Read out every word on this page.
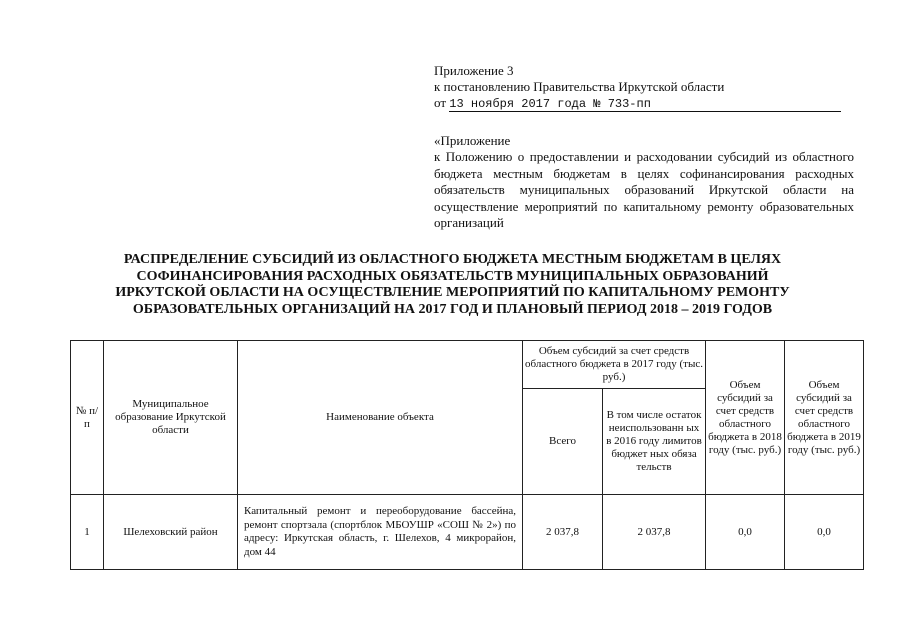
Приложение 3
к постановлению Правительства Иркутской области
от 13 ноября 2017 года № 733-пп
«Приложение
к Положению о предоставлении и расходовании субсидий из областного бюджета местным бюджетам в целях софинансирования расходных обязательств муниципальных образований Иркутской области на осуществление мероприятий по капитальному ремонту образовательных организаций
РАСПРЕДЕЛЕНИЕ СУБСИДИЙ ИЗ ОБЛАСТНОГО БЮДЖЕТА МЕСТНЫМ БЮДЖЕТАМ В ЦЕЛЯХ
СОФИНАНСИРОВАНИЯ РАСХОДНЫХ ОБЯЗАТЕЛЬСТВ МУНИЦИПАЛЬНЫХ ОБРАЗОВАНИЙ
ИРКУТСКОЙ ОБЛАСТИ НА ОСУЩЕСТВЛЕНИЕ МЕРОПРИЯТИЙ ПО КАПИТАЛЬНОМУ РЕМОНТУ
ОБРАЗОВАТЕЛЬНЫХ ОРГАНИЗАЦИЙ НА 2017 ГОД И ПЛАНОВЫЙ ПЕРИОД 2018 – 2019 ГОДОВ
№ п/п	Муниципальное образование Иркутской области	Наименование объекта	Объем субсидий за счет средств областного бюджета в 2017 году (тыс. руб.)		Объем субсидий за счет средств областного бюджета в 2018 году (тыс. руб.)	Объем субсидий за счет средств областного бюджета в 2019 году (тыс. руб.)
			Всего	В том числе остаток неиспользованн ых в 2016 году лимитов бюджет ных обяза тельств		
1	Шелеховский район	Капитальный ремонт и переоборудование бассейна, ремонт спортзала (спортблок МБОУШР «СОШ № 2») по адресу: Иркутская область, г. Шелехов, 4 микрорайон, дом 44	2 037,8	2 037,8	0,0	0,0
